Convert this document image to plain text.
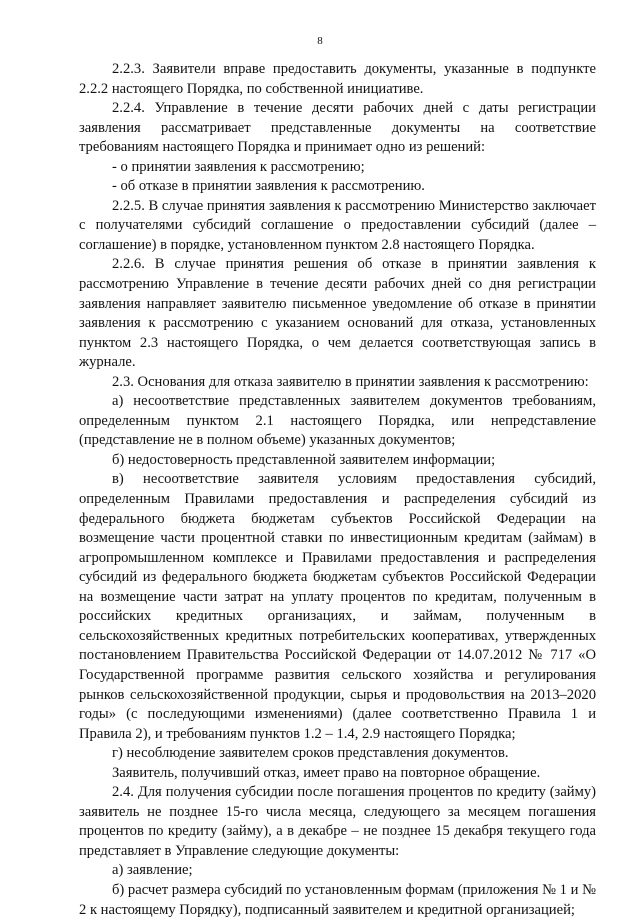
8

2.2.3. Заявители вправе предоставить документы, указанные в подпункте 2.2.2 настоящего Порядка, по собственной инициативе.

2.2.4. Управление в течение десяти рабочих дней с даты регистрации заявления рассматривает представленные документы на соответствие требованиям настоящего Порядка и принимает одно из решений:

- о принятии заявления к рассмотрению;

- об отказе в принятии заявления к рассмотрению.

2.2.5. В случае принятия заявления к рассмотрению Министерство заключает с получателями субсидий соглашение о предоставлении субсидий (далее – соглашение) в порядке, установленном пунктом 2.8 настоящего Порядка.

2.2.6. В случае принятия решения об отказе в принятии заявления к рассмотрению Управление в течение десяти рабочих дней со дня регистрации заявления направляет заявителю письменное уведомление об отказе в принятии заявления к рассмотрению с указанием оснований для отказа, установленных пунктом 2.3 настоящего Порядка, о чем делается соответствующая запись в журнале.

2.3. Основания для отказа заявителю в принятии заявления к рассмотрению:

а) несоответствие представленных заявителем документов требованиям, определенным пунктом 2.1 настоящего Порядка, или непредставление (представление не в полном объеме) указанных документов;

б) недостоверность представленной заявителем информации;

в) несоответствие заявителя условиям предоставления субсидий, определенным Правилами предоставления и распределения субсидий из федерального бюджета бюджетам субъектов Российской Федерации на возмещение части процентной ставки по инвестиционным кредитам (займам) в агропромышленном комплексе и Правилами предоставления и распределения субсидий из федерального бюджета бюджетам субъектов Российской Федерации на возмещение части затрат на уплату процентов по кредитам, полученным в российских кредитных организациях, и займам, полученным в сельскохозяйственных кредитных потребительских кооперативах, утвержденных постановлением Правительства Российской Федерации от 14.07.2012 № 717 «О Государственной программе развития сельского хозяйства и регулирования рынков сельскохозяйственной продукции, сырья и продовольствия на 2013–2020 годы» (с последующими изменениями) (далее соответственно Правила 1 и Правила 2), и требованиям пунктов 1.2 – 1.4, 2.9 настоящего Порядка;

г) несоблюдение заявителем сроков представления документов.

Заявитель, получивший отказ, имеет право на повторное обращение.

2.4. Для получения субсидии после погашения процентов по кредиту (займу) заявитель не позднее 15-го числа месяца, следующего за месяцем погашения процентов по кредиту (займу), а в декабре – не позднее 15 декабря текущего года представляет в Управление следующие документы:

а) заявление;

б) расчет размера субсидий по установленным формам (приложения № 1 и № 2 к настоящему Порядку), подписанный заявителем и кредитной организацией;
